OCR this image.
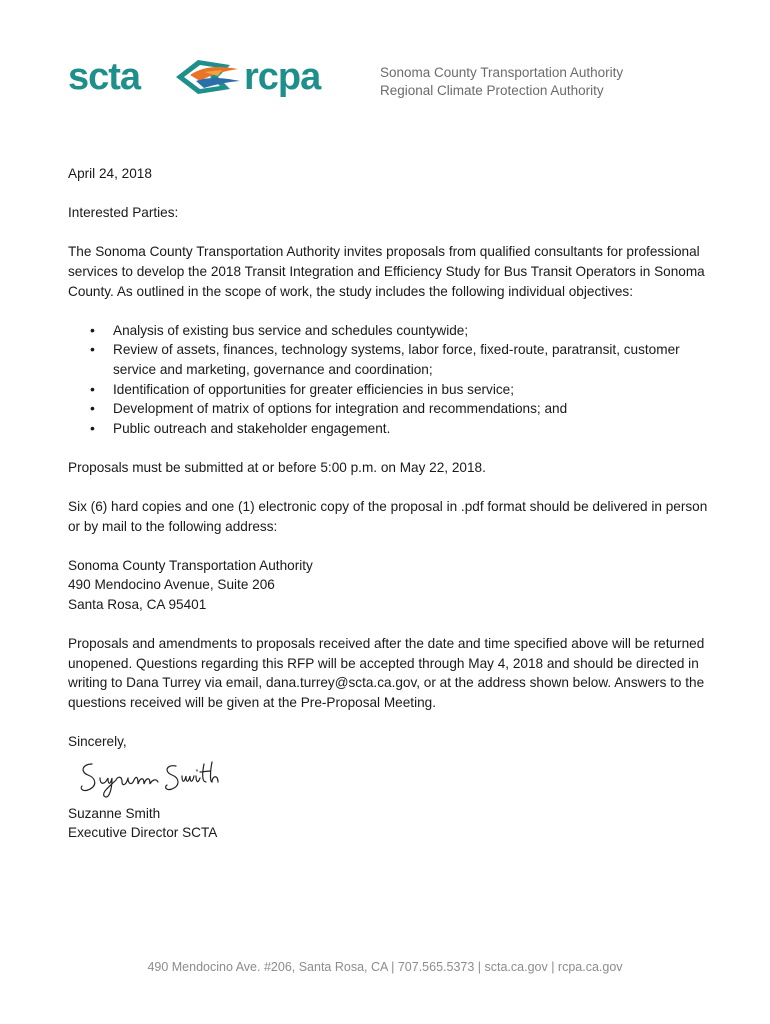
scta	rcpa	Sonoma County Transportation Authority
Regional Climate Protection Authority

April 24, 2018

Interested Parties:

The Sonoma County Transportation Authority invites proposals from qualified consultants for professional services to develop the 2018 Transit Integration and Efficiency Study for Bus Transit Operators in Sonoma County. As outlined in the scope of work, the study includes the following individual objectives:

• Analysis of existing bus service and schedules countywide;
• Review of assets, finances, technology systems, labor force, fixed-route, paratransit, customer service and marketing, governance and coordination;
• Identification of opportunities for greater efficiencies in bus service;
• Development of matrix of options for integration and recommendations; and
• Public outreach and stakeholder engagement.

Proposals must be submitted at or before 5:00 p.m. on May 22, 2018.

Six (6) hard copies and one (1) electronic copy of the proposal in .pdf format should be delivered in person or by mail to the following address:

Sonoma County Transportation Authority
490 Mendocino Avenue, Suite 206
Santa Rosa, CA 95401

Proposals and amendments to proposals received after the date and time specified above will be returned unopened. Questions regarding this RFP will be accepted through May 4, 2018 and should be directed in writing to Dana Turrey via email, dana.turrey@scta.ca.gov, or at the address shown below. Answers to the questions received will be given at the Pre-Proposal Meeting.

Sincerely,

Suzanne Smith

Executive Director SCTA

490 Mendocino Ave. #206, Santa Rosa, CA | 707.565.5373 | scta.ca.gov | rcpa.ca.gov
